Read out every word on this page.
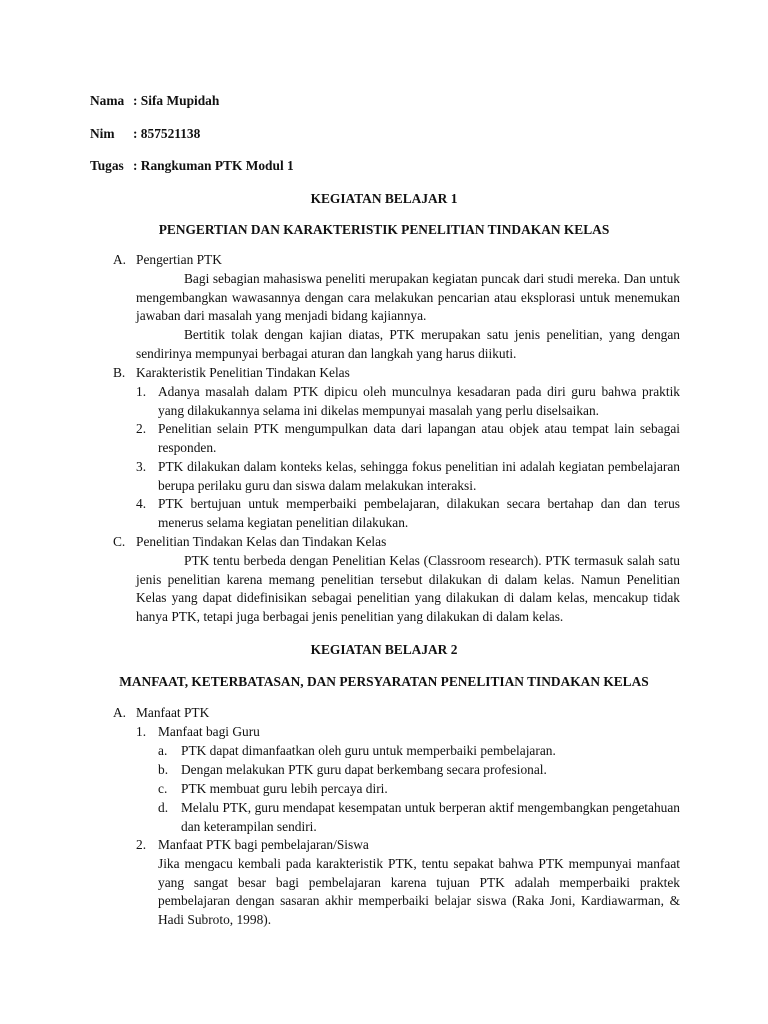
Nama : Sifa Mupidah
Nim : 857521138
Tugas : Rangkuman PTK Modul 1
KEGIATAN BELAJAR 1
PENGERTIAN DAN KARAKTERISTIK PENELITIAN TINDAKAN KELAS
A. Pengertian PTK
Bagi sebagian mahasiswa peneliti merupakan kegiatan puncak dari studi mereka. Dan untuk mengembangkan wawasannya dengan cara melakukan pencarian atau eksplorasi untuk menemukan jawaban dari masalah yang menjadi bidang kajiannya.
Bertitik tolak dengan kajian diatas, PTK merupakan satu jenis penelitian, yang dengan sendirinya mempunyai berbagai aturan dan langkah yang harus diikuti.
B. Karakteristik Penelitian Tindakan Kelas
1. Adanya masalah dalam PTK dipicu oleh munculnya kesadaran pada diri guru bahwa praktik yang dilakukannya selama ini dikelas mempunyai masalah yang perlu diselsaikan.
2. Penelitian selain PTK mengumpulkan data dari lapangan atau objek atau tempat lain sebagai responden.
3. PTK dilakukan dalam konteks kelas, sehingga fokus penelitian ini adalah kegiatan pembelajaran berupa perilaku guru dan siswa dalam melakukan interaksi.
4. PTK bertujuan untuk memperbaiki pembelajaran, dilakukan secara bertahap dan dan terus menerus selama kegiatan penelitian dilakukan.
C. Penelitian Tindakan Kelas dan Tindakan Kelas
PTK tentu berbeda dengan Penelitian Kelas (Classroom research). PTK termasuk salah satu jenis penelitian karena memang penelitian tersebut dilakukan di dalam kelas. Namun Penelitian Kelas yang dapat didefinisikan sebagai penelitian yang dilakukan di dalam kelas, mencakup tidak hanya PTK, tetapi juga berbagai jenis penelitian yang dilakukan di dalam kelas.
KEGIATAN BELAJAR 2
MANFAAT, KETERBATASAN, DAN PERSYARATAN PENELITIAN TINDAKAN KELAS
A. Manfaat PTK
1. Manfaat bagi Guru
a. PTK dapat dimanfaatkan oleh guru untuk memperbaiki pembelajaran.
b. Dengan melakukan PTK guru dapat berkembang secara profesional.
c. PTK membuat guru lebih percaya diri.
d. Melalu PTK, guru mendapat kesempatan untuk berperan aktif mengembangkan pengetahuan dan keterampilan sendiri.
2. Manfaat PTK bagi pembelajaran/Siswa
Jika mengacu kembali pada karakteristik PTK, tentu sepakat bahwa PTK mempunyai manfaat yang sangat besar bagi pembelajaran karena tujuan PTK adalah memperbaiki praktek pembelajaran dengan sasaran akhir memperbaiki belajar siswa (Raka Joni, Kardiawarman, & Hadi Subroto, 1998).
